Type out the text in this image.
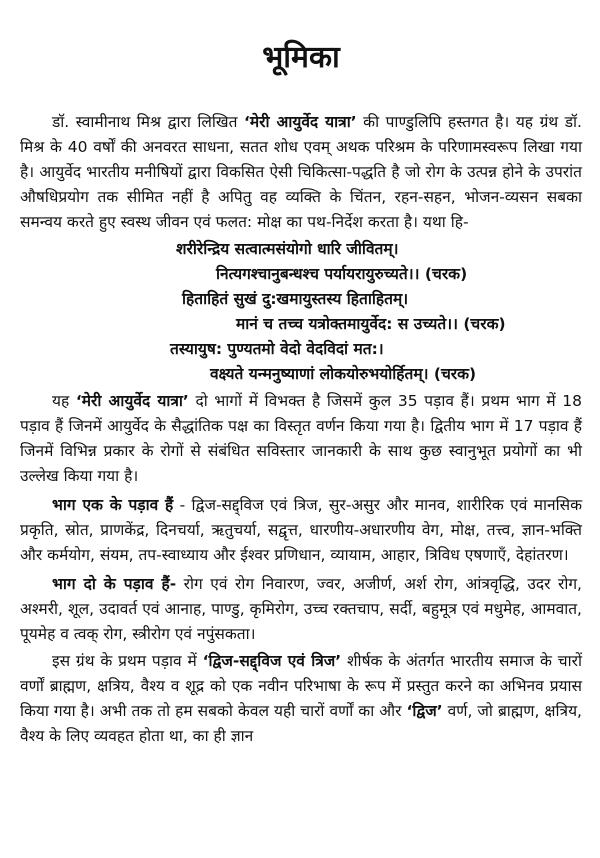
भूमिका

डॉ. स्वामीनाथ मिश्र द्वारा लिखित ‘मेरी आयुर्वेद यात्रा’ की पाण्डुलिपि हस्तगत है। यह ग्रंथ डॉ. मिश्र के 40 वर्षों की अनवरत साधना, सतत शोध एवम् अथक परिश्रम के परिणामस्वरूप लिखा गया है। आयुर्वेद भारतीय मनीषियों द्वारा विकसित ऐसी चिकित्सा-पद्धति है जो रोग के उत्पन्न होने के उपरांत औषधिप्रयोग तक सीमित नहीं है अपितु वह व्यक्ति के चिंतन, रहन-सहन, भोजन-व्यसन सबका समन्वय करते हुए स्वस्थ जीवन एवं फलत: मोक्ष का पथ-निर्देश करता है। यथा हि-

शरीरेन्द्रिय सत्वात्मसंयोगो धारि जीवितम्।
नित्यगश्चानुबन्धश्च पर्यायरायुरुच्यते।। (चरक)
हिताहितं सुखं दु:खमायुस्तस्य हिताहितम्।
मानं च तच्च यत्रोक्तमायुर्वेद: स उच्यते।। (चरक)
तस्यायुष: पुण्यतमो वेदो वेदविदां मत:।
वक्ष्यते यन्मनुष्याणां लोकयोरुभयोर्हितम्। (चरक)

यह ‘मेरी आयुर्वेद यात्रा’ दो भागों में विभक्त है जिसमें कुल 35 पड़ाव हैं। प्रथम भाग में 18 पड़ाव हैं जिनमें आयुर्वेद के सैद्धांतिक पक्ष का विस्तृत वर्णन किया गया है। द्वितीय भाग में 17 पड़ाव हैं जिनमें विभिन्न प्रकार के रोगों से संबंधित सविस्तार जानकारी के साथ कुछ स्वानुभूत प्रयोगों का भी उल्लेख किया गया है।

भाग एक के पड़ाव हैं - द्विज-सद्द्विज एवं त्रिज, सुर-असुर और मानव, शारीरिक एवं मानसिक प्रकृति, स्रोत, प्राणकेंद्र, दिनचर्या, ऋतुचर्या, सद्वृत्त, धारणीय-अधारणीय वेग, मोक्ष, तत्त्व, ज्ञान-भक्ति और कर्मयोग, संयम, तप-स्वाध्याय और ईश्वर प्रणिधान, व्यायाम, आहार, त्रिविध एषणाएँ, देहांतरण।

भाग दो के पड़ाव हैं- रोग एवं रोग निवारण, ज्वर, अजीर्ण, अर्श रोग, आंत्रवृद्धि, उदर रोग, अश्मरी, शूल, उदावर्त एवं आनाह, पाण्डु, कृमिरोग, उच्च रक्तचाप, सर्दी, बहुमूत्र एवं मधुमेह, आमवात, पूयमेह व त्वक् रोग, स्त्रीरोग एवं नपुंसकता।

इस ग्रंथ के प्रथम पड़ाव में ‘द्विज-सद्द्विज एवं त्रिज’ शीर्षक के अंतर्गत भारतीय समाज के चारों वर्णों ब्राह्मण, क्षत्रिय, वैश्य व शूद्र को एक नवीन परिभाषा के रूप में प्रस्तुत करने का अभिनव प्रयास किया गया है। अभी तक तो हम सबको केवल यही चारों वर्णों का और ‘द्विज’ वर्ण, जो ब्राह्मण, क्षत्रिय, वैश्य के लिए व्यवहत होता था, का ही ज्ञान
